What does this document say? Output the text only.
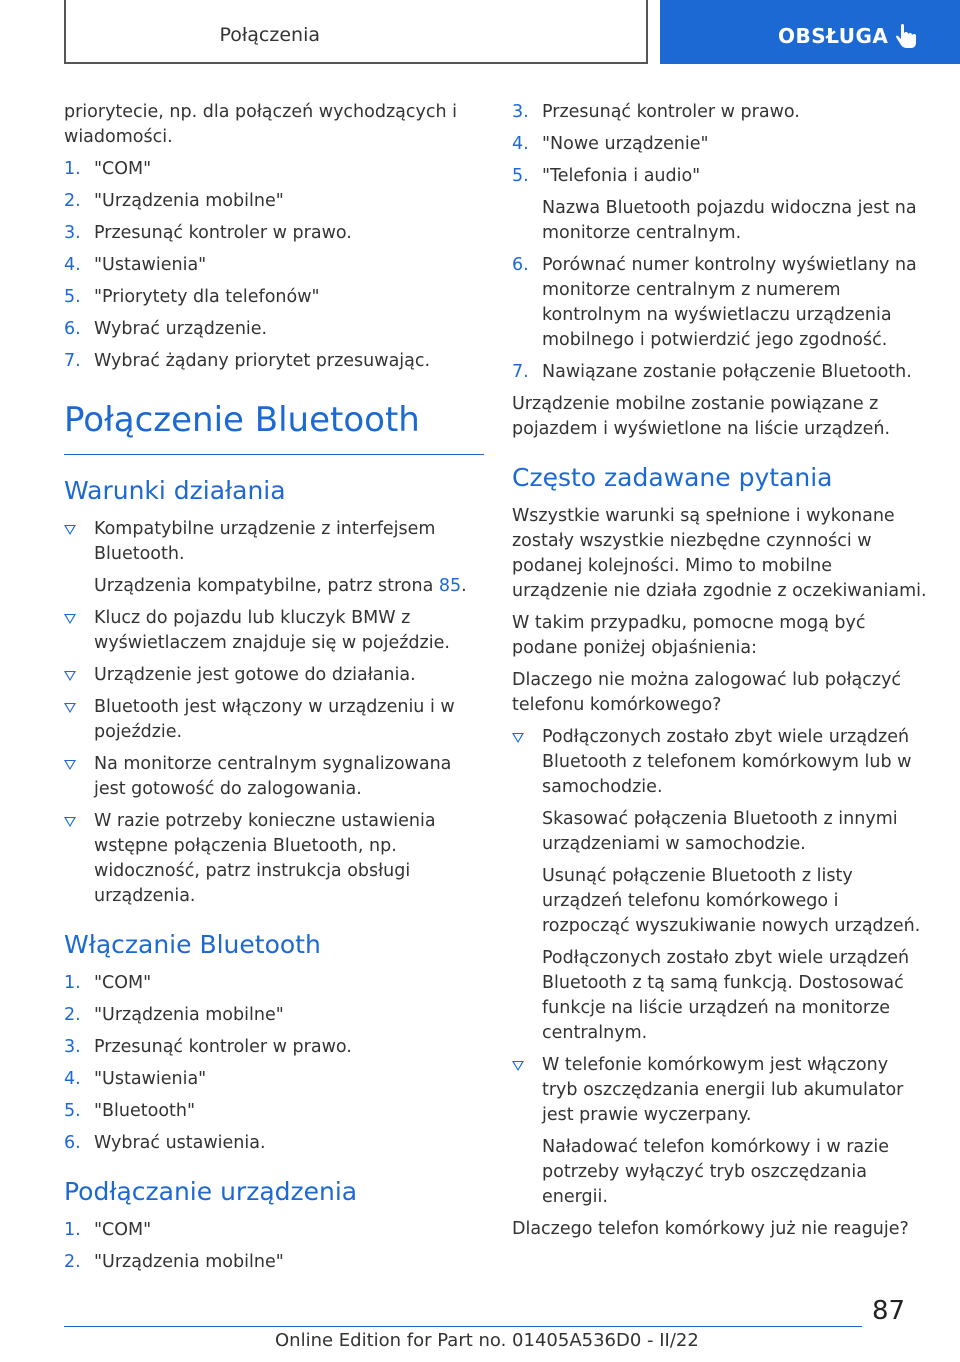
Połączenia	OBSŁUGA

priorytecie, np. dla połączeń wychodzących i wiadomości.

1. "COM"
2. "Urządzenia mobilne"
3. Przesunąć kontroler w prawo.
4. "Ustawienia"
5. "Priorytety dla telefonów"
6. Wybrać urządzenie.
7. Wybrać żądany priorytet przesuwając.
Połączenie Bluetooth
Warunki działania
Kompatybilne urządzenie z interfejsem Bluetooth.
Urządzenia kompatybilne, patrz strona 85.
Klucz do pojazdu lub kluczyk BMW z wyświetlaczem znajduje się w pojeździe.
Urządzenie jest gotowe do działania.
Bluetooth jest włączony w urządzeniu i w pojeździe.
Na monitorze centralnym sygnalizowana jest gotowość do zalogowania.
W razie potrzeby konieczne ustawienia wstępne połączenia Bluetooth, np. widoczność, patrz instrukcja obsługi urządzenia.
Włączanie Bluetooth
1. "COM"
2. "Urządzenia mobilne"
3. Przesunąć kontroler w prawo.
4. "Ustawienia"
5. "Bluetooth"
6. Wybrać ustawienia.
Podłączanie urządzenia
1. "COM"
2. "Urządzenia mobilne"
3. Przesunąć kontroler w prawo.
4. "Nowe urządzenie"
5. "Telefonia i audio"
Nazwa Bluetooth pojazdu widoczna jest na monitorze centralnym.
6. Porównać numer kontrolny wyświetlany na monitorze centralnym z numerem kontrolnym na wyświetlaczu urządzenia mobilnego i potwierdzić jego zgodność.
7. Nawiązane zostanie połączenie Bluetooth.

Urządzenie mobilne zostanie powiązane z pojazdem i wyświetlone na liście urządzeń.

Często zadawane pytania

Wszystkie warunki są spełnione i wykonane zostały wszystkie niezbędne czynności w podanej kolejności. Mimo to mobilne urządzenie nie działa zgodnie z oczekiwaniami.

W takim przypadku, pomocne mogą być podane poniżej objaśnienia:

Dlaczego nie można zalogować lub połączyć telefonu komórkowego?

Podłączonych zostało zbyt wiele urządzeń Bluetooth z telefonem komórkowym lub w samochodzie.
Skasować połączenia Bluetooth z innymi urządzeniami w samochodzie.
Usunąć połączenie Bluetooth z listy urządzeń telefonu komórkowego i rozpocząć wyszukiwanie nowych urządzeń.
Podłączonych zostało zbyt wiele urządzeń Bluetooth z tą samą funkcją. Dostosować funkcje na liście urządzeń na monitorze centralnym.
W telefonie komórkowym jest włączony tryb oszczędzania energii lub akumulator jest prawie wyczerpany.
Naładować telefon komórkowy i w razie potrzeby wyłączyć tryb oszczędzania energii.

Dlaczego telefon komórkowy już nie reaguje?

87
Online Edition for Part no. 01405A536D0 - II/22
